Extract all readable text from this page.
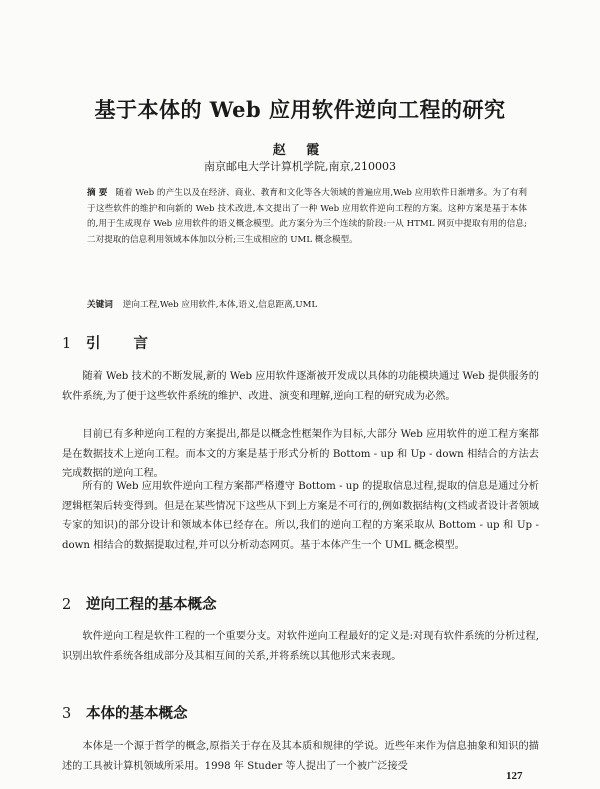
基于本体的 Web 应用软件逆向工程的研究
赵 霞
南京邮电大学计算机学院,南京,210003
摘 要 随着 Web 的产生以及在经济、商业、教育和文化等各大领域的普遍应用,Web 应用软件日渐增多。为了有利于这些软件的维护和向新的 Web 技术改进,本文提出了一种 Web 应用软件逆向工程的方案。这种方案是基于本体的,用于生成现存 Web 应用软件的语义概念模型。此方案分为三个连续的阶段:一从 HTML 网页中提取有用的信息;二对提取的信息利用领域本体加以分析;三生成相应的 UML 概念模型。
关键词 逆向工程,Web 应用软件,本体,语义,信息距离,UML
1 引 言

随着 Web 技术的不断发展,新的 Web 应用软件逐渐被开发成以具体的功能模块通过 Web 提供服务的软件系统,为了便于这些软件系统的维护、改进、演变和理解,逆向工程的研究成为必然。

目前已有多种逆向工程的方案提出,都是以概念性框架作为目标,大部分 Web 应用软件的逆工程方案都是在数据技术上逆向工程。而本文的方案是基于形式分析的 Bottom - up 和 Up - down 相结合的方法去完成数据的逆向工程。

所有的 Web 应用软件逆向工程方案都严格遵守 Bottom - up 的提取信息过程,提取的信息是通过分析逻辑框架后转变得到。但是在某些情况下这些从下到上方案是不可行的,例如数据结构(文档或者设计者领域专家的知识)的部分设计和领域本体已经存在。所以,我们的逆向工程的方案采取从 Bottom - up 和 Up - down 相结合的数据提取过程,并可以分析动态网页。基于本体产生一个 UML 概念模型。

2 逆向工程的基本概念

软件逆向工程是软件工程的一个重要分支。对软件逆向工程最好的定义是:对现有软件系统的分析过程,识别出软件系统各组成部分及其相互间的关系,并将系统以其他形式来表现。

3 本体的基本概念

本体是一个源于哲学的概念,原指关于存在及其本质和规律的学说。近些年来作为信息抽象和知识的描述的工具被计算机领域所采用。1998 年 Studer 等人提出了一个被广泛接受

127
